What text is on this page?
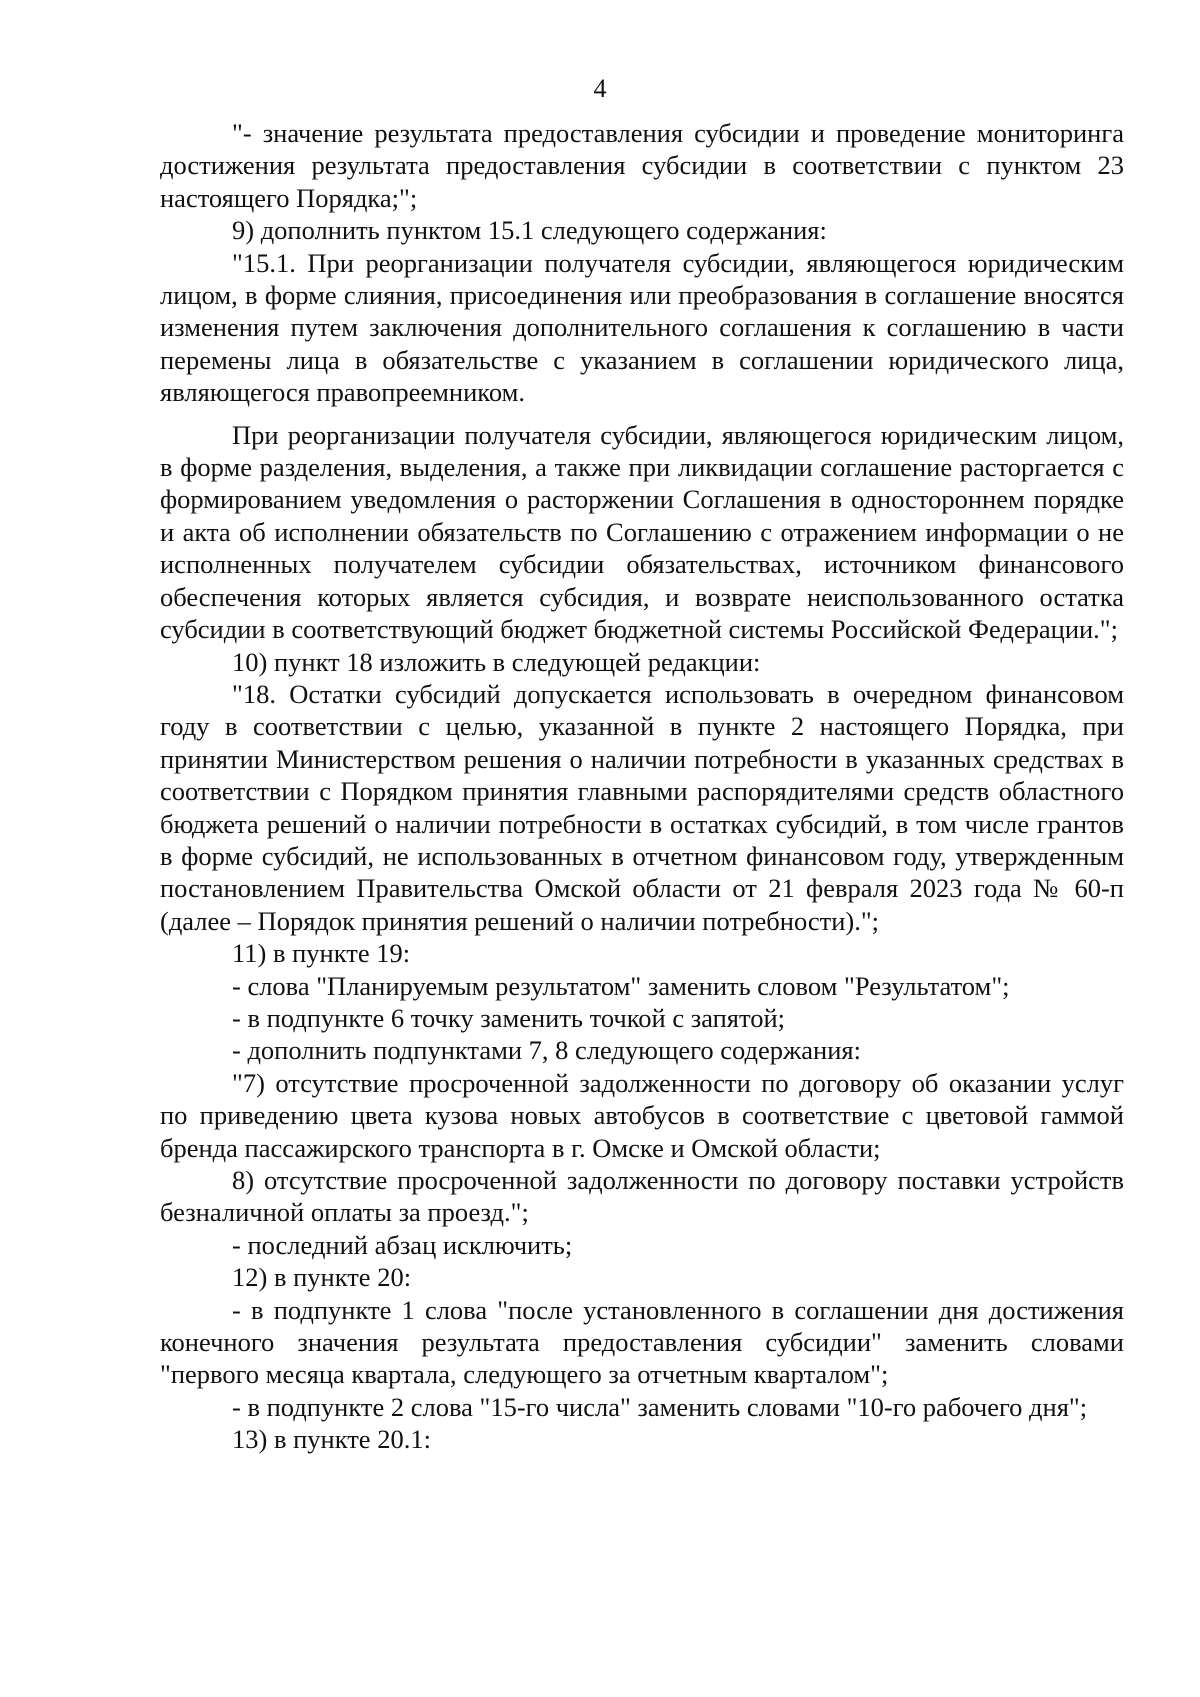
4

"- значение результата предоставления субсидии и проведение мониторинга достижения результата предоставления субсидии в соответствии с пунктом 23 настоящего Порядка;";

9) дополнить пунктом 15.1 следующего содержания:

"15.1. При реорганизации получателя субсидии, являющегося юридическим лицом, в форме слияния, присоединения или преобразования в соглашение вносятся изменения путем заключения дополнительного соглашения к соглашению в части перемены лица в обязательстве с указанием в соглашении юридического лица, являющегося правопреемником.

При реорганизации получателя субсидии, являющегося юридическим лицом, в форме разделения, выделения, а также при ликвидации соглашение расторгается с формированием уведомления о расторжении Соглашения в одностороннем порядке и акта об исполнении обязательств по Соглашению с отражением информации о не исполненных получателем субсидии обязательствах, источником финансового обеспечения которых является субсидия, и возврате неиспользованного остатка субсидии в соответствующий бюджет бюджетной системы Российской Федерации.";

10) пункт 18 изложить в следующей редакции:

"18. Остатки субсидий допускается использовать в очередном финансовом году в соответствии с целью, указанной в пункте 2 настоящего Порядка, при принятии Министерством решения о наличии потребности в указанных средствах в соответствии с Порядком принятия главными распорядителями средств областного бюджета решений о наличии потребности в остатках субсидий, в том числе грантов в форме субсидий, не использованных в отчетном финансовом году, утвержденным постановлением Правительства Омской области от 21 февраля 2023 года № 60-п (далее – Порядок принятия решений о наличии потребности).";

11) в пункте 19:

- слова "Планируемым результатом" заменить словом "Результатом";

- в подпункте 6 точку заменить точкой с запятой;

- дополнить подпунктами 7, 8 следующего содержания:

"7) отсутствие просроченной задолженности по договору об оказании услуг по приведению цвета кузова новых автобусов в соответствие с цветовой гаммой бренда пассажирского транспорта в г. Омске и Омской области;

8) отсутствие просроченной задолженности по договору поставки устройств безналичной оплаты за проезд.";

- последний абзац исключить;

12) в пункте 20:

- в подпункте 1 слова "после установленного в соглашении дня достижения конечного значения результата предоставления субсидии" заменить словами "первого месяца квартала, следующего за отчетным кварталом";

- в подпункте 2 слова "15-го числа" заменить словами "10-го рабочего дня";

13) в пункте 20.1:
